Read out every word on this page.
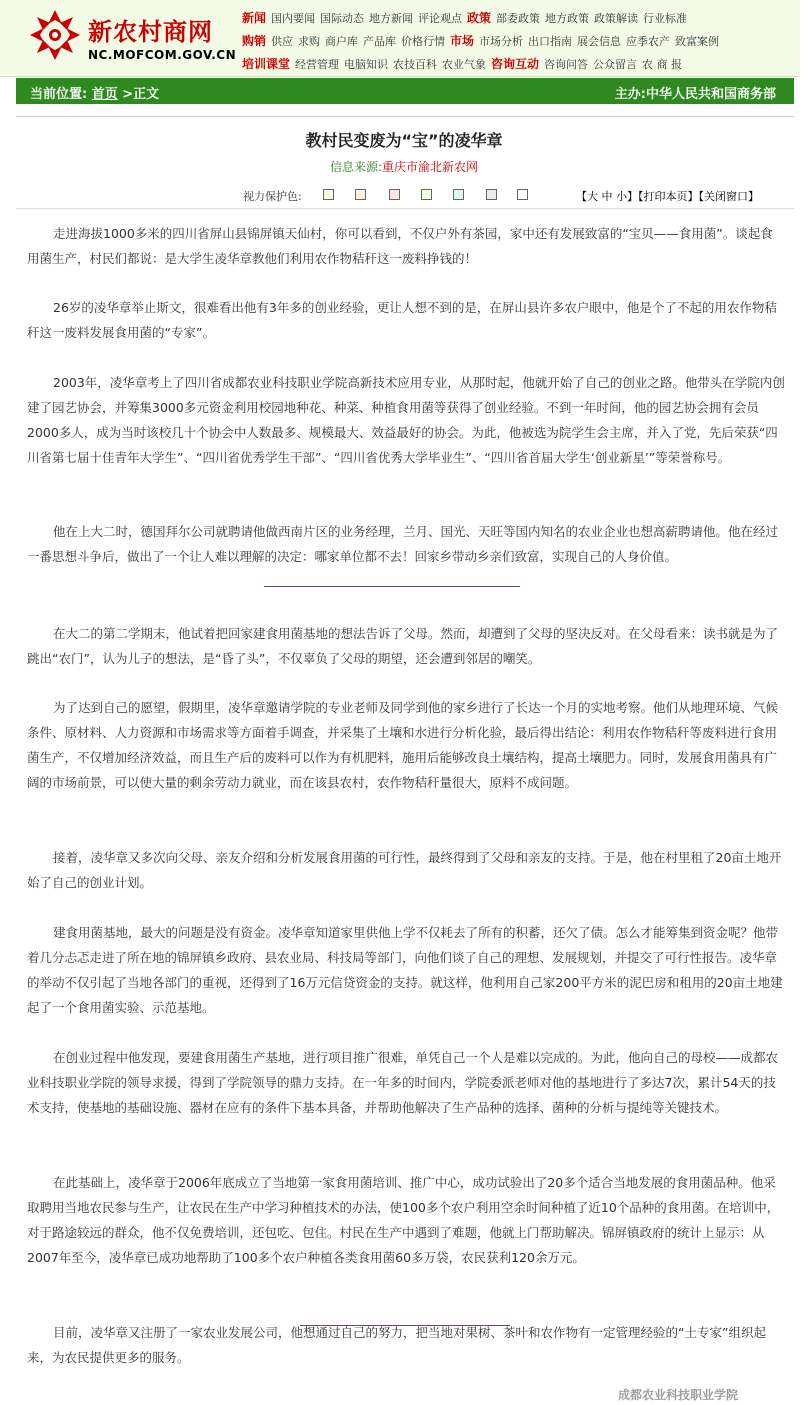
新农村商网
NC.MOFCOM.GOV.CN
新闻 国内要闻 国际动态 地方新闻 评论观点 政策 部委政策 地方政策 政策解读 行业标准
购销 供应 求购 商户库 产品库 价格行情 市场 市场分析 出口指南 展会信息 应季农产 致富案例
培训课堂 经营管理 电脑知识 农技百科 农业气象 咨询互动 咨询问答 公众留言 农 商 报
当前位置: 首页 >正文	主办:中华人民共和国商务部
教村民变废为“宝”的凌华章
信息来源:重庆市渝北新农网
视力保护色:	【大 中 小】【打印本页】【关闭窗口】

走进海拔1000多米的四川省屏山县锦屏镇天仙村，你可以看到，不仅户外有茶园，家中还有发展致富的“宝贝——食用菌”。谈起食用菌生产，村民们都说：是大学生凌华章教他们利用农作物秸秆这一废料挣钱的！

26岁的凌华章举止斯文，很难看出他有3年多的创业经验，更让人想不到的是，在屏山县许多农户眼中，他是个了不起的用农作物秸秆这一废料发展食用菌的“专家”。

2003年，凌华章考上了四川省成都农业科技职业学院高新技术应用专业，从那时起，他就开始了自己的创业之路。他带头在学院内创建了园艺协会，并筹集3000多元资金利用校园地种花、种菜、种植食用菌等获得了创业经验。不到一年时间，他的园艺协会拥有会员2000多人，成为当时该校几十个协会中人数最多、规模最大、效益最好的协会。为此，他被选为院学生会主席，并入了党，先后荣获“四川省第七届十佳青年大学生”、“四川省优秀学生干部”、“四川省优秀大学毕业生”、“四川省首届大学生‘创业新星’”等荣誉称号。

他在上大二时，德国拜尔公司就聘请他做西南片区的业务经理，兰月、国光、天旺等国内知名的农业企业也想高薪聘请他。他在经过一番思想斗争后，做出了一个让人难以理解的决定：哪家单位都不去！回家乡带动乡亲们致富，实现自己的人身价值。

在大二的第二学期末，他试着把回家建食用菌基地的想法告诉了父母。然而，却遭到了父母的坚决反对。在父母看来：读书就是为了跳出“农门”，认为儿子的想法，是“昏了头”，不仅辜负了父母的期望，还会遭到邻居的嘲笑。

为了达到自己的愿望，假期里，凌华章邀请学院的专业老师及同学到他的家乡进行了长达一个月的实地考察。他们从地理环境、气候条件、原材料、人力资源和市场需求等方面着手调查，并采集了土壤和水进行分析化验，最后得出结论：利用农作物秸秆等废料进行食用菌生产，不仅增加经济效益，而且生产后的废料可以作为有机肥料，施用后能够改良土壤结构，提高土壤肥力。同时，发展食用菌具有广阔的市场前景，可以使大量的剩余劳动力就业，而在该县农村，农作物秸秆量很大，原料不成问题。

接着，凌华章又多次向父母、亲友介绍和分析发展食用菌的可行性，最终得到了父母和亲友的支持。于是，他在村里租了20亩土地开始了自己的创业计划。

建食用菌基地，最大的问题是没有资金。凌华章知道家里供他上学不仅耗去了所有的积蓄，还欠了债。怎么才能筹集到资金呢？他带着几分忐忑走进了所在地的锦屏镇乡政府、县农业局、科技局等部门，向他们谈了自己的理想、发展规划，并提交了可行性报告。凌华章的举动不仅引起了当地各部门的重视，还得到了16万元信贷资金的支持。就这样，他利用自己家200平方米的泥巴房和租用的20亩土地建起了一个食用菌实验、示范基地。

在创业过程中他发现，要建食用菌生产基地，进行项目推广很难，单凭自己一个人是难以完成的。为此，他向自己的母校——成都农业科技职业学院的领导求援，得到了学院领导的鼎力支持。在一年多的时间内，学院委派老师对他的基地进行了多达7次，累计54天的技术支持，使基地的基础设施、器材在应有的条件下基本具备，并帮助他解决了生产品种的选择、菌种的分析与提纯等关键技术。

在此基础上，凌华章于2006年底成立了当地第一家食用菌培训、推广中心，成功试验出了20多个适合当地发展的食用菌品种。他采取聘用当地农民参与生产，让农民在生产中学习种植技术的办法，使100多个农户利用空余时间种植了近10个品种的食用菌。在培训中，对于路途较远的群众，他不仅免费培训，还包吃、包住。村民在生产中遇到了难题，他就上门帮助解决。锦屏镇政府的统计上显示：从2007年至今，凌华章已成功地帮助了100多个农户种植各类食用菌60多万袋，农民获利120余万元。

目前，凌华章又注册了一家农业发展公司，他想通过自己的努力，把当地对果树、茶叶和农作物有一定管理经验的“土专家”组织起来，为农民提供更多的服务。

成都农业科技职业学院
